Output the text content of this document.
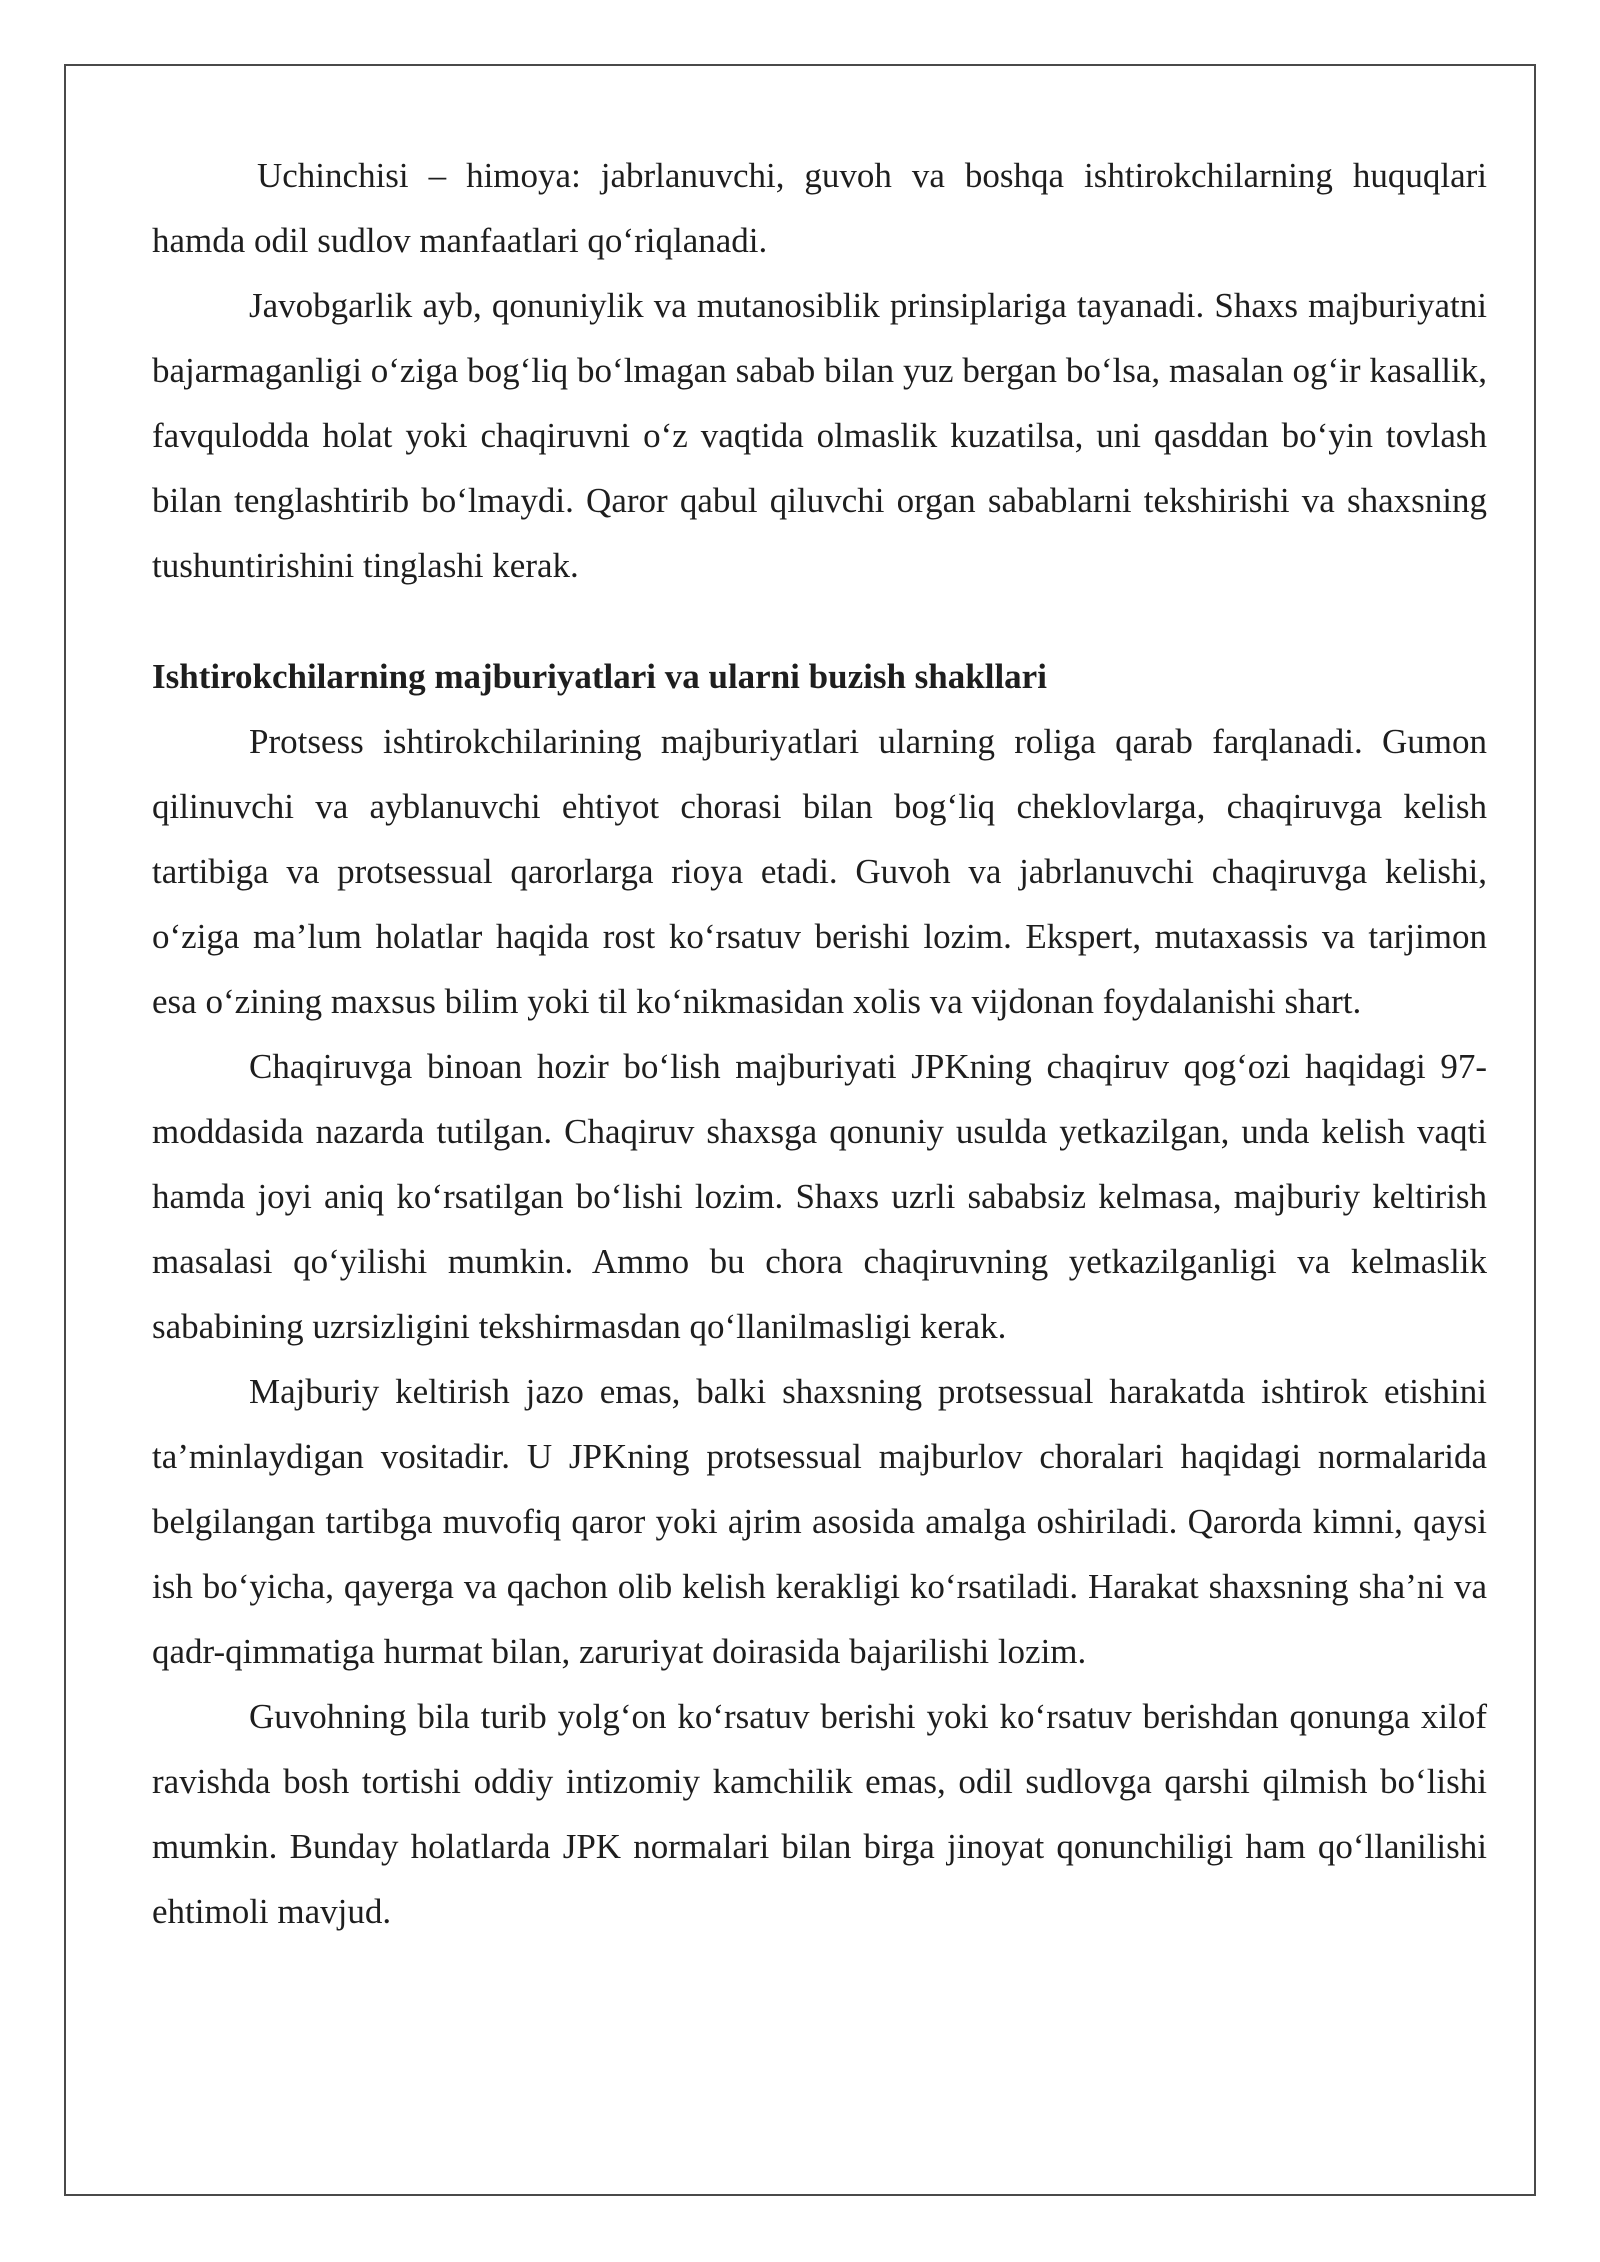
Uchinchisi – himoya: jabrlanuvchi, guvoh va boshqa ishtirokchilarning huquqlari hamda odil sudlov manfaatlari qo‘riqlanadi.

Javobgarlik ayb, qonuniylik va mutanosiblik prinsiplariga tayanadi. Shaxs majburiyatni bajarmaganligi o‘ziga bog‘liq bo‘lmagan sabab bilan yuz bergan bo‘lsa, masalan og‘ir kasallik, favqulodda holat yoki chaqiruvni o‘z vaqtida olmaslik kuzatilsa, uni qasddan bo‘yin tovlash bilan tenglashtirib bo‘lmaydi. Qaror qabul qiluvchi organ sabablarni tekshirishi va shaxsning tushuntirishini tinglashi kerak.

Ishtirokchilarning majburiyatlari va ularni buzish shakllari

Protsess ishtirokchilarining majburiyatlari ularning roliga qarab farqlanadi. Gumon qilinuvchi va ayblanuvchi ehtiyot chorasi bilan bog‘liq cheklovlarga, chaqiruvga kelish tartibiga va protsessual qarorlarga rioya etadi. Guvoh va jabrlanuvchi chaqiruvga kelishi, o‘ziga ma’lum holatlar haqida rost ko‘rsatuv berishi lozim. Ekspert, mutaxassis va tarjimon esa o‘zining maxsus bilim yoki til ko‘nikmasidan xolis va vijdonan foydalanishi shart.

Chaqiruvga binoan hozir bo‘lish majburiyati JPKning chaqiruv qog‘ozi haqidagi 97-moddasida nazarda tutilgan. Chaqiruv shaxsga qonuniy usulda yetkazilgan, unda kelish vaqti hamda joyi aniq ko‘rsatilgan bo‘lishi lozim. Shaxs uzrli sababsiz kelmasa, majburiy keltirish masalasi qo‘yilishi mumkin. Ammo bu chora chaqiruvning yetkazilganligi va kelmaslik sababining uzrsizligini tekshirmasdan qo‘llanilmasligi kerak.

Majburiy keltirish jazo emas, balki shaxsning protsessual harakatda ishtirok etishini ta’minlaydigan vositadir. U JPKning protsessual majburlov choralari haqidagi normalarida belgilangan tartibga muvofiq qaror yoki ajrim asosida amalga oshiriladi. Qarorda kimni, qaysi ish bo‘yicha, qayerga va qachon olib kelish kerakligi ko‘rsatiladi. Harakat shaxsning sha’ni va qadr-qimmatiga hurmat bilan, zaruriyat doirasida bajarilishi lozim.

Guvohning bila turib yolg‘on ko‘rsatuv berishi yoki ko‘rsatuv berishdan qonunga xilof ravishda bosh tortishi oddiy intizomiy kamchilik emas, odil sudlovga qarshi qilmish bo‘lishi mumkin. Bunday holatlarda JPK normalari bilan birga jinoyat qonunchiligi ham qo‘llanilishi ehtimoli mavjud.
